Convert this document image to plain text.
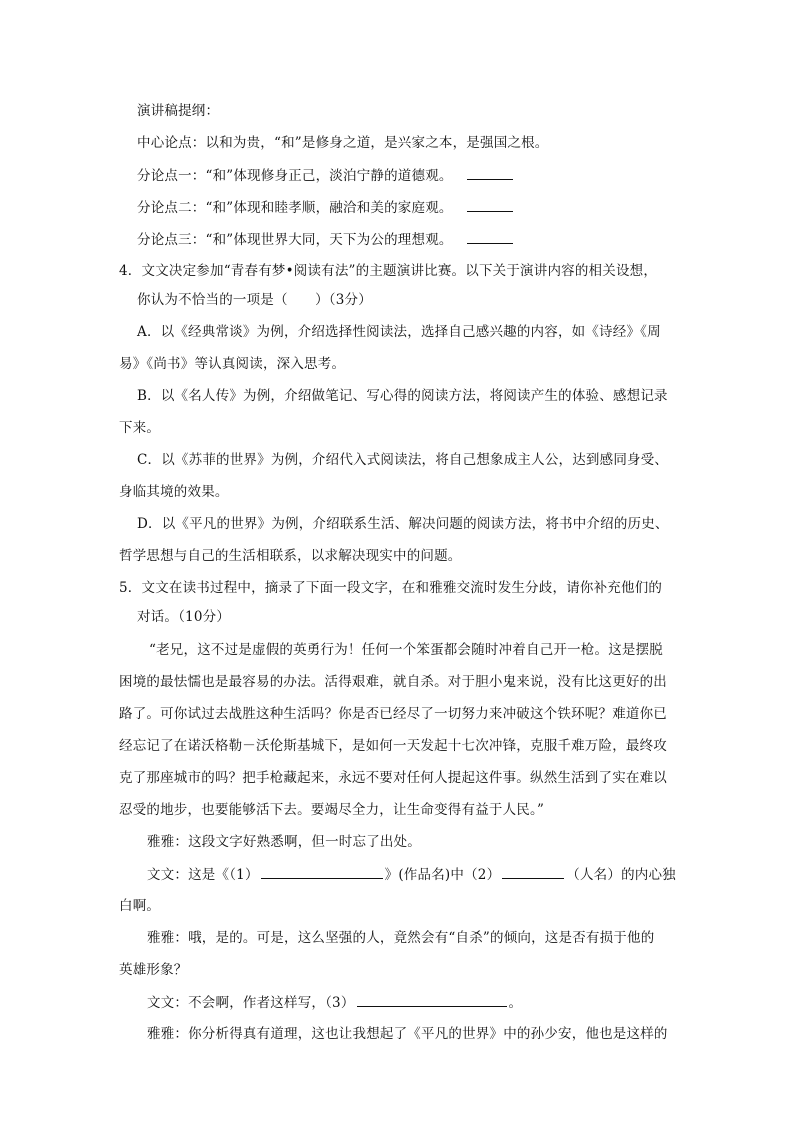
演讲稿提纲：
中心论点：以和为贵，“和”是修身之道，是兴家之本，是强国之根。
分论点一：“和”体现修身正己，淡泊宁静的道德观。
分论点二：“和”体现和睦孝顺，融洽和美的家庭观。
分论点三：“和”体现世界大同，天下为公的理想观。
4．文文决定参加“青春有梦•阅读有法”的主题演讲比赛。以下关于演讲内容的相关设想，
你认为不恰当的一项是（　　）（3分）
A．以《经典常谈》为例，介绍选择性阅读法，选择自己感兴趣的内容，如《诗经》《周
易》《尚书》等认真阅读，深入思考。
B．以《名人传》为例，介绍做笔记、写心得的阅读方法，将阅读产生的体验、感想记录
下来。
C．以《苏菲的世界》为例，介绍代入式阅读法，将自己想象成主人公，达到感同身受、
身临其境的效果。
D．以《平凡的世界》为例，介绍联系生活、解决问题的阅读方法，将书中介绍的历史、
哲学思想与自己的生活相联系，以求解决现实中的问题。
5．文文在读书过程中，摘录了下面一段文字，在和雅雅交流时发生分歧，请你补充他们的
对话。（10分）
“老兄，这不过是虚假的英勇行为！任何一个笨蛋都会随时冲着自己开一枪。这是摆脱
困境的最怯懦也是最容易的办法。活得艰难，就自杀。对于胆小鬼来说，没有比这更好的出
路了。可你试过去战胜这种生活吗？你是否已经尽了一切努力来冲破这个铁环呢？难道你已
经忘记了在诺沃格勒－沃伦斯基城下，是如何一天发起十七次冲锋，克服千难万险，最终攻
克了那座城市的吗？把手枪藏起来，永远不要对任何人提起这件事。纵然生活到了实在难以
忍受的地步，也要能够活下去。要竭尽全力，让生命变得有益于人民。”
雅雅：这段文字好熟悉啊，但一时忘了出处。
文文：这是《（1）	》(作品名)中（2）	（人名）的内心独
白啊。
雅雅：哦，是的。可是，这么坚强的人，竟然会有“自杀”的倾向，这是否有损于他的
英雄形象？
文文：不会啊，作者这样写，（3）	。
雅雅：你分析得真有道理，这也让我想起了《平凡的世界》中的孙少安，他也是这样的
